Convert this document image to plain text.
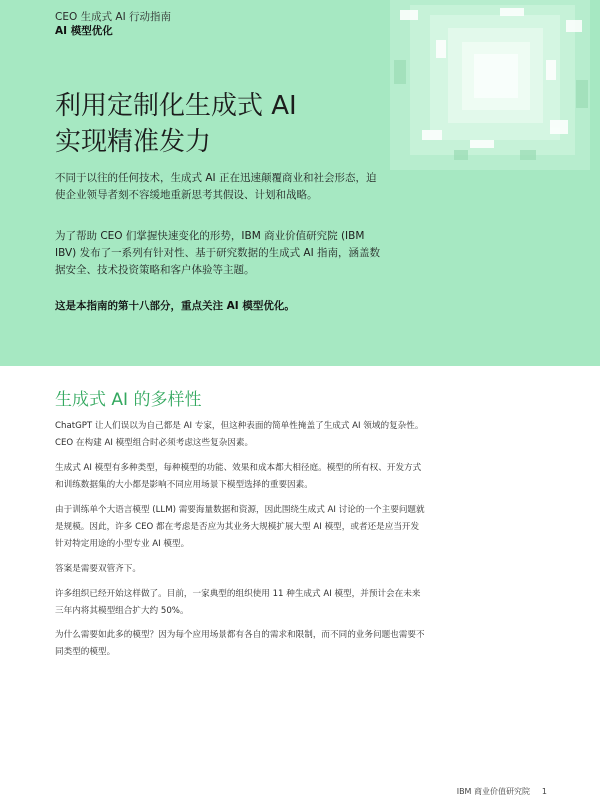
CEO 生成式 AI 行动指南
AI 模型优化
利用定制化生成式 AI
实现精准发力

不同于以往的任何技术，生成式 AI 正在迅速颠覆商业和社会形态，迫使企业领导者刻不容缓地重新思考其假设、计划和战略。

为了帮助 CEO 们掌握快速变化的形势，IBM 商业价值研究院 (IBM IBV) 发布了一系列有针对性、基于研究数据的生成式 AI 指南，涵盖数据安全、技术投资策略和客户体验等主题。

这是本指南的第十八部分，重点关注 AI 模型优化。

生成式 AI 的多样性

ChatGPT 让人们误以为自己都是 AI 专家，但这种表面的简单性掩盖了生成式 AI 领域的复杂性。CEO 在构建 AI 模型组合时必须考虑这些复杂因素。

生成式 AI 模型有多种类型，每种模型的功能、效果和成本都大相径庭。模型的所有权、开发方式和训练数据集的大小都是影响不同应用场景下模型选择的重要因素。

由于训练单个大语言模型 (LLM) 需要海量数据和资源，因此围绕生成式 AI 讨论的一个主要问题就是规模。因此，许多 CEO 都在考虑是否应为其业务大规模扩展大型 AI 模型，或者还是应当开发针对特定用途的小型专业 AI 模型。

答案是需要双管齐下。

许多组织已经开始这样做了。目前，一家典型的组织使用 11 种生成式 AI 模型，并预计会在未来三年内将其模型组合扩大约 50%。

为什么需要如此多的模型？因为每个应用场景都有各自的需求和限制，而不同的业务问题也需要不同类型的模型。

IBM 商业价值研究院 1
